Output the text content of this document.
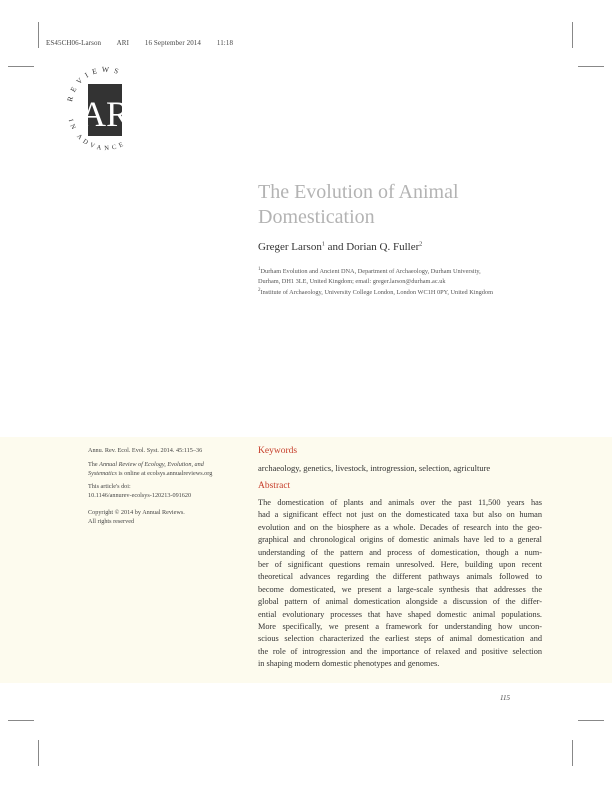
ES45CH06-Larson ARI 16 September 2014 11:18
REVIEWS
IN ADVANCE
AR
The Evolution of Animal
Domestication
Greger Larson$^1$ and Dorian Q. Fuller$^2$
$^1$Durham Evolution and Ancient DNA, Department of Archaeology, Durham University,
Durham, DH1 3LE, United Kingdom; email: greger.larson@durham.ac.uk
$^2$Institute of Archaeology, University College London, London WC1H 0PY, United Kingdom
Annu. Rev. Ecol. Evol. Syst. 2014. 45:115–36
The Annual Review of Ecology, Evolution, and
Systematics is online at ecolsys.annualreviews.org
This article's doi:
10.1146/annurev-ecolsys-120213-091620
Copyright © 2014 by Annual Reviews.
All rights reserved
Keywords
archaeology, genetics, livestock, introgression, selection, agriculture
Abstract
The domestication of plants and animals over the past 11,500 years has
had a significant effect not just on the domesticated taxa but also on human
evolution and on the biosphere as a whole. Decades of research into the geo-
graphical and chronological origins of domestic animals have led to a general
understanding of the pattern and process of domestication, though a num-
ber of significant questions remain unresolved. Here, building upon recent
theoretical advances regarding the different pathways animals followed to
become domesticated, we present a large-scale synthesis that addresses the
global pattern of animal domestication alongside a discussion of the differ-
ential evolutionary processes that have shaped domestic animal populations.
More specifically, we present a framework for understanding how uncon-
scious selection characterized the earliest steps of animal domestication and
the role of introgression and the importance of relaxed and positive selection
in shaping modern domestic phenotypes and genomes.
115
